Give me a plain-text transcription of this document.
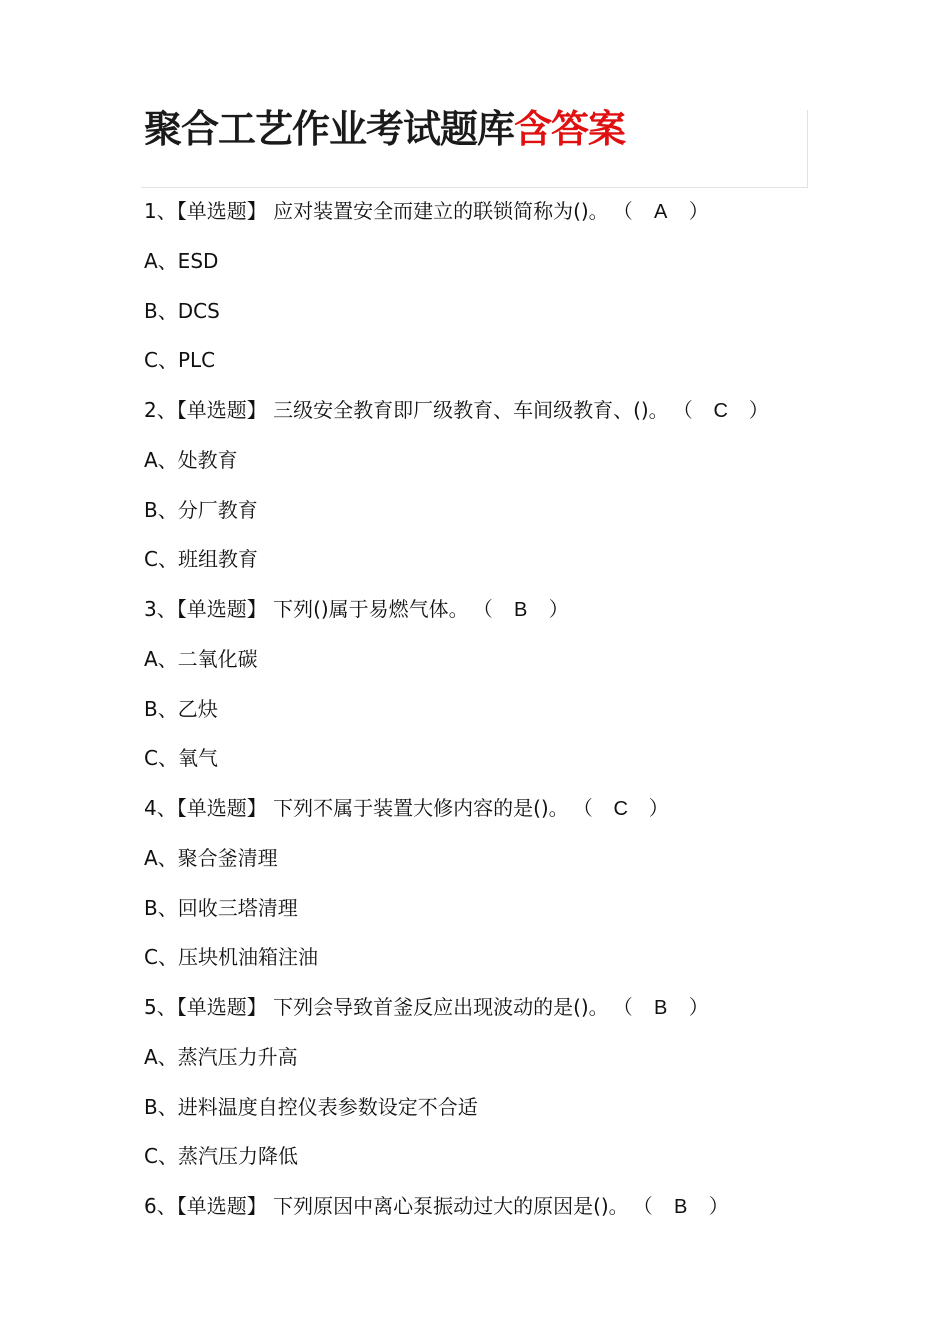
聚合工艺作业考试题库含答案
1、【单选题】 应对装置安全而建立的联锁简称为()。 （ A ）
A、ESD
B、DCS
C、PLC
2、【单选题】 三级安全教育即厂级教育、车间级教育、()。 （ C ）
A、处教育
B、分厂教育
C、班组教育
3、【单选题】 下列()属于易燃气体。 （ B ）
A、二氧化碳
B、乙炔
C、氧气
4、【单选题】 下列不属于装置大修内容的是()。 （ C ）
A、聚合釜清理
B、回收三塔清理
C、压块机油箱注油
5、【单选题】 下列会导致首釜反应出现波动的是()。 （ B ）
A、蒸汽压力升高
B、进料温度自控仪表参数设定不合适
C、蒸汽压力降低
6、【单选题】 下列原因中离心泵振动过大的原因是()。 （ B ）
